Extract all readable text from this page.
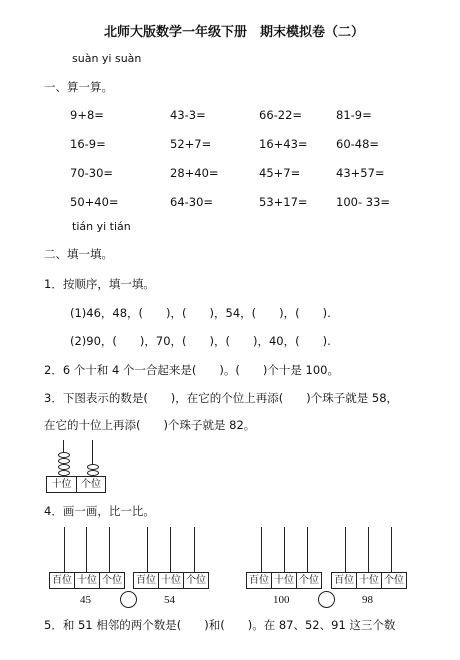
北师大版数学一年级下册　期末模拟卷（二）
suàn yi suàn
一、算一算。
9+8=	43-3=	66-22=	81-9=
16-9=	52+7=	16+43= 60-48=
70-30=	28+40=	45+7=	43+57=
50+40=	64-30=	53+17= 100- 33=
tián yi tián
二、填一填。
1．按顺序，填一填。
(1)46，48，(　　)，(　　)，54，(　　)，(　　).
(2)90，(　　)，70，(　　)，(　　)，40，(　　).
2．6 个十和 4 个一合起来是(　　)。(　　)个十是 100。
3．下图表示的数是(　　)，在它的个位上再添(　　)个珠子就是 58，
在它的十位上再添(　　)个珠子就是 82。
十位 个位
4．画一画，比一比。
百位 十位 个位
45
百位 十位 个位
54
百位 十位 个位
100
百位 十位 个位
98
5．和 51 相邻的两个数是(　　)和(　　)。在 87、52、91 这三个数
